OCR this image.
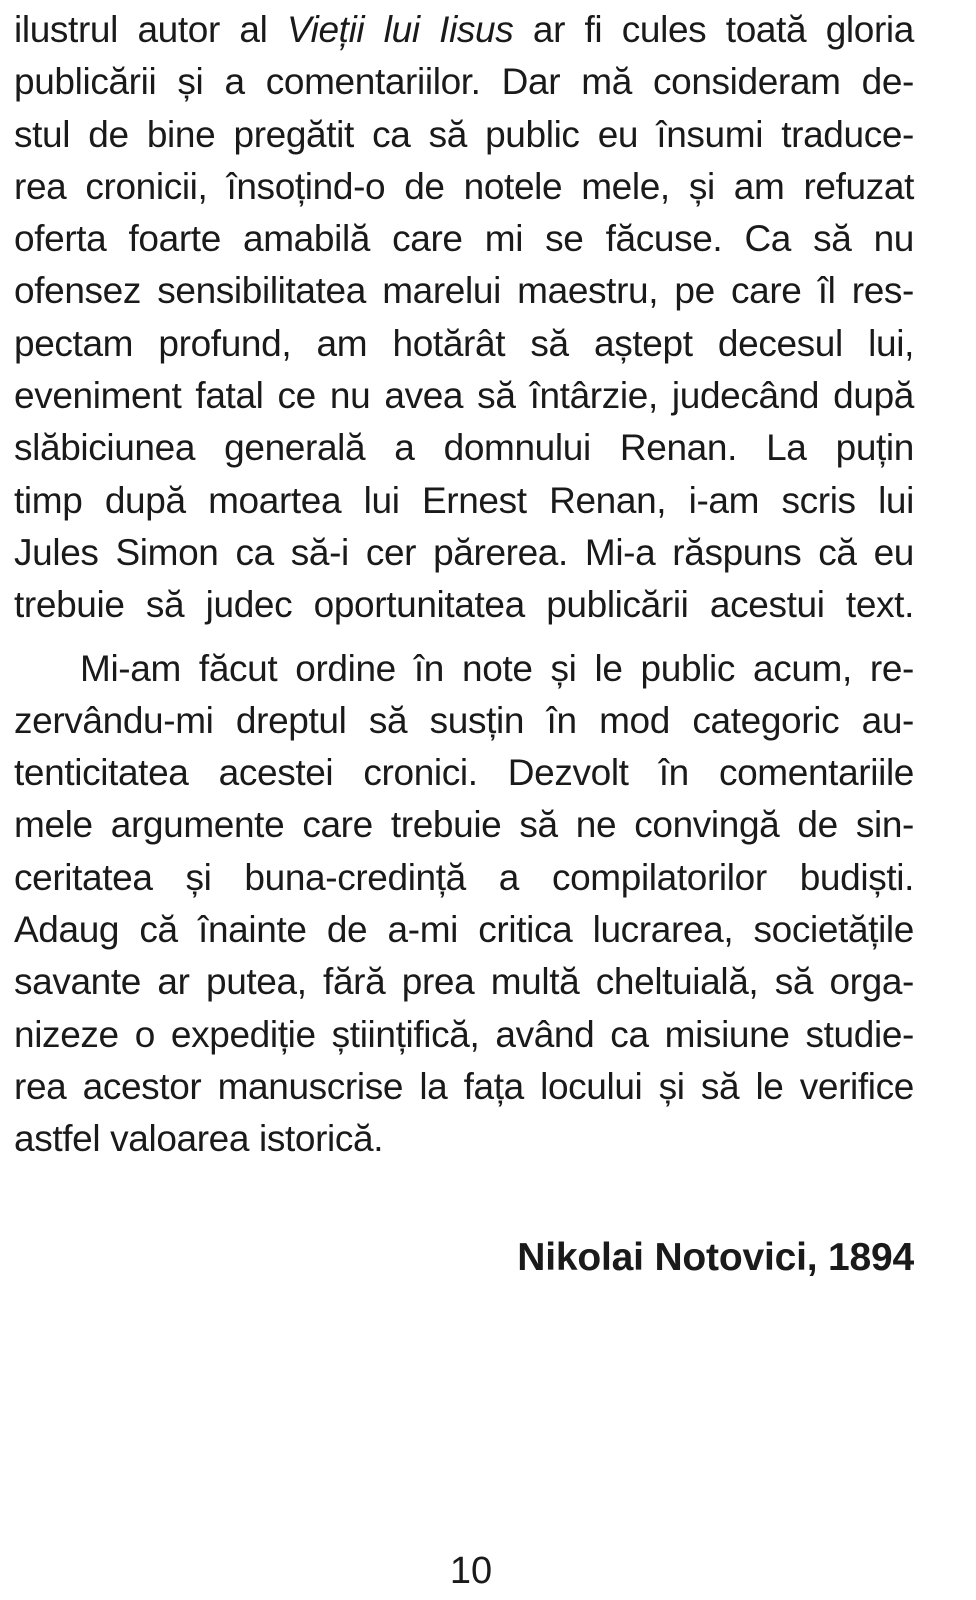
ilustrul autor al Vieții lui Iisus ar fi cules toată gloria
publicării și a comentariilor. Dar mă consideram de-
stul de bine pregătit ca să public eu însumi traduce-
rea cronicii, însoțind-o de notele mele, și am refuzat
oferta foarte amabilă care mi se făcuse. Ca să nu
ofensez sensibilitatea marelui maestru, pe care îl res-
pectam profund, am hotărât să aștept decesul lui,
eveniment fatal ce nu avea să întârzie, judecând după
slăbiciunea generală a domnului Renan. La puțin
timp după moartea lui Ernest Renan, i-am scris lui
Jules Simon ca să-i cer părerea. Mi-a răspuns că eu
trebuie să judec oportunitatea publicării acestui text.
Mi-am făcut ordine în note și le public acum, re-
zervându-mi dreptul să susțin în mod categoric au-
tenticitatea acestei cronici. Dezvolt în comentariile
mele argumente care trebuie să ne convingă de sin-
ceritatea și buna-credință a compilatorilor budiști.
Adaug că înainte de a-mi critica lucrarea, societățile
savante ar putea, fără prea multă cheltuială, să orga-
nizeze o expediție științifică, având ca misiune studie-
rea acestor manuscrise la fața locului și să le verifice
astfel valoarea istorică.
Nikolai Notovici, 1894
10
